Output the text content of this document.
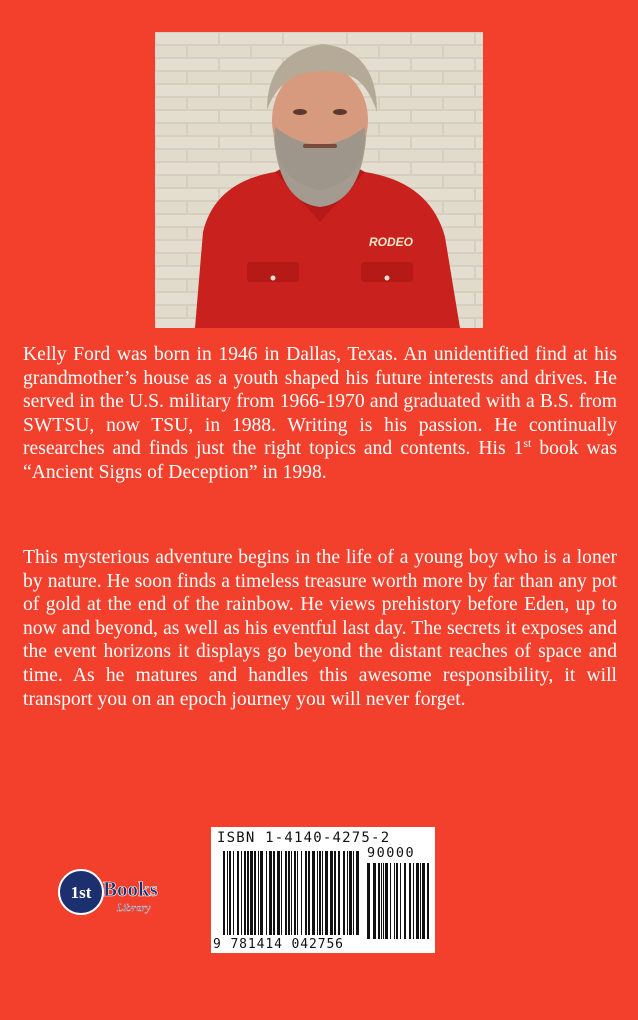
RODEO

Kelly Ford was born in 1946 in Dallas, Texas. An unidentified find at his grandmother’s house as a youth shaped his future interests and drives. He served in the U.S. military from 1966-1970 and graduated with a B.S. from SWTSU, now TSU, in 1988. Writing is his passion. He continually researches and finds just the right topics and contents. His 1st book was “Ancient Signs of Deception” in 1998.

This mysterious adventure begins in the life of a young boy who is a loner by nature. He soon finds a timeless treasure worth more by far than any pot of gold at the end of the rainbow. He views prehistory before Eden, up to now and beyond, as well as his eventful last day. The secrets it exposes and the event horizons it displays go beyond the distant reaches of space and time. As he matures and handles this awesome responsibility, it will transport you on an epoch journey you will never forget.

1st Books
Library
ISBN 1-4140-4275-2
90000
9 781414 042756
